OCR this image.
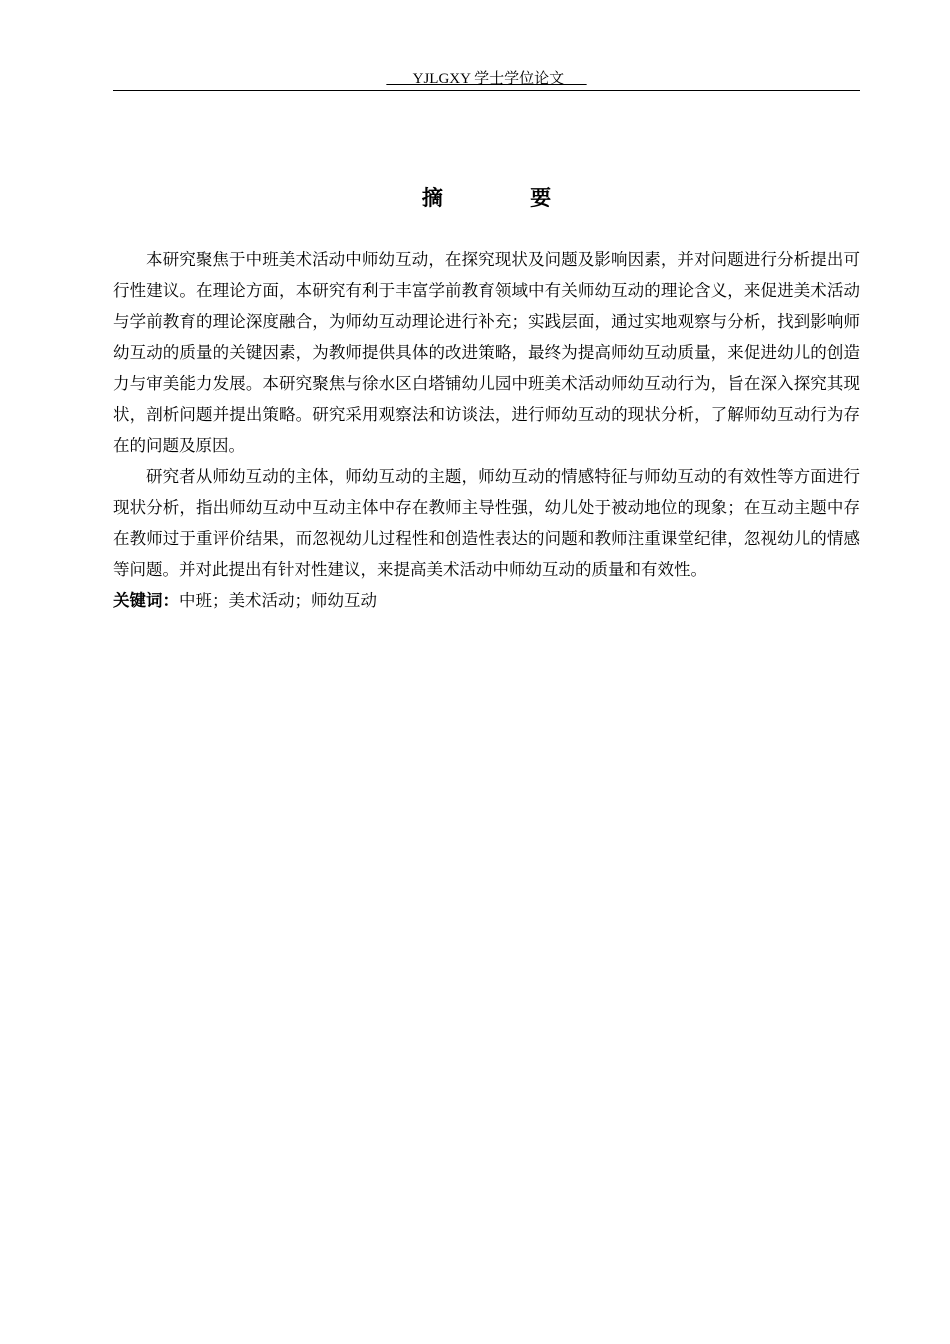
YJLGXY 学士学位论文
摘 要

本研究聚焦于中班美术活动中师幼互动，在探究现状及问题及影响因素，并对问题进行分析提出可行性建议。在理论方面，本研究有利于丰富学前教育领域中有关师幼互动的理论含义，来促进美术活动与学前教育的理论深度融合，为师幼互动理论进行补充；实践层面，通过实地观察与分析，找到影响师幼互动的质量的关键因素，为教师提供具体的改进策略，最终为提高师幼互动质量，来促进幼儿的创造力与审美能力发展。本研究聚焦与徐水区白塔铺幼儿园中班美术活动师幼互动行为，旨在深入探究其现状，剖析问题并提出策略。研究采用观察法和访谈法，进行师幼互动的现状分析，了解师幼互动行为存在的问题及原因。

研究者从师幼互动的主体，师幼互动的主题，师幼互动的情感特征与师幼互动的有效性等方面进行现状分析，指出师幼互动中互动主体中存在教师主导性强，幼儿处于被动地位的现象；在互动主题中存在教师过于重评价结果，而忽视幼儿过程性和创造性表达的问题和教师注重课堂纪律，忽视幼儿的情感等问题。并对此提出有针对性建议，来提高美术活动中师幼互动的质量和有效性。

关键词：中班；美术活动；师幼互动
